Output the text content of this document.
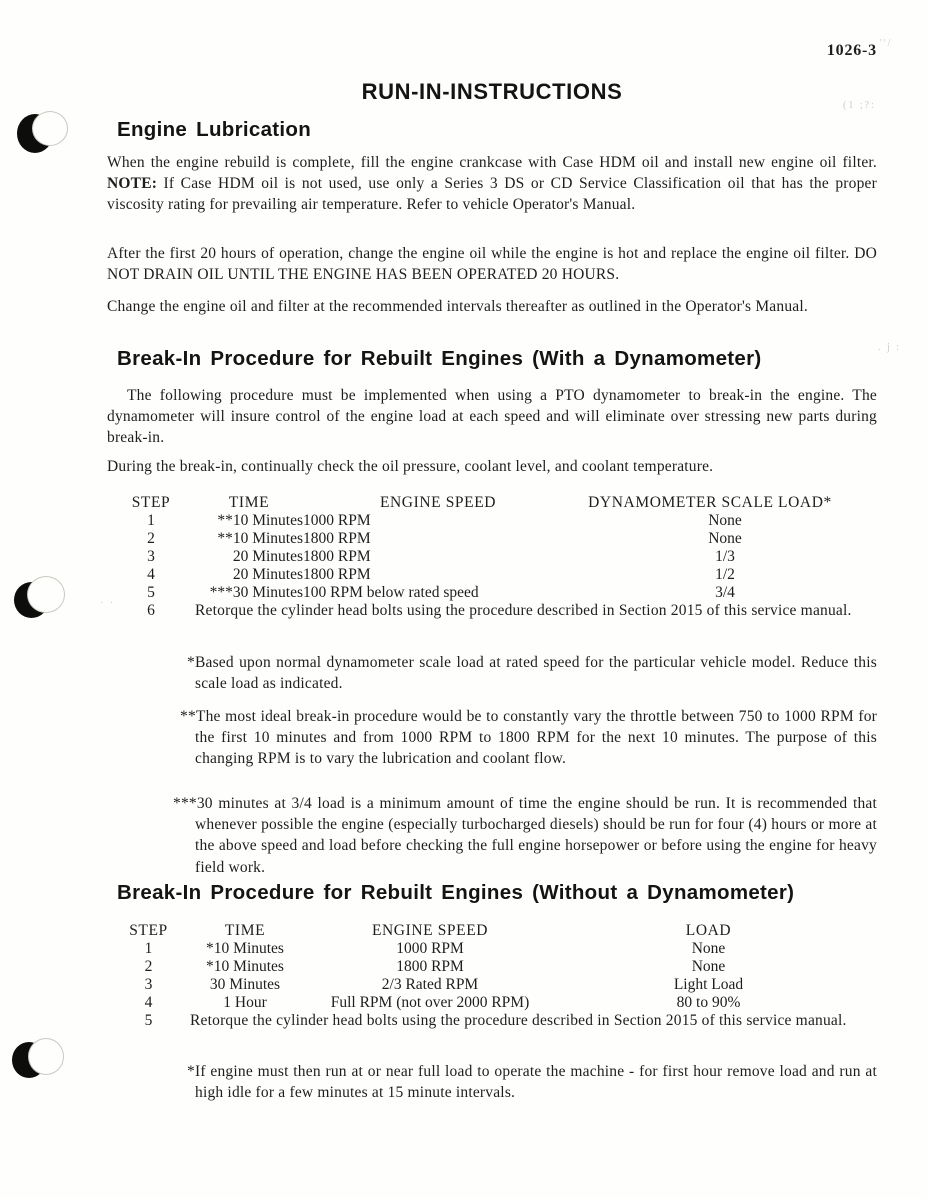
''/
(1 ;?:
. j :
· ·
1026-3
RUN-IN-INSTRUCTIONS
Engine Lubrication
When the engine rebuild is complete, fill the engine crankcase with Case HDM oil and install new engine oil filter. NOTE: If Case HDM oil is not used, use only a Series 3 DS or CD Service Classification oil that has the proper viscosity rating for prevailing air temperature. Refer to vehicle Operator's Manual.
After the first 20 hours of operation, change the engine oil while the engine is hot and replace the engine oil filter. DO NOT DRAIN OIL UNTIL THE ENGINE HAS BEEN OPERATED 20 HOURS.
Change the engine oil and filter at the recommended intervals thereafter as outlined in the Operator's Manual.
Break-In Procedure for Rebuilt Engines (With a Dynamometer)
The following procedure must be implemented when using a PTO dynamometer to break-in the engine. The dynamometer will insure control of the engine load at each speed and will eliminate over stressing new parts during break-in.
During the break-in, continually check the oil pressure, coolant level, and coolant temperature.
STEP	TIME	ENGINE SPEED	DYNAMOMETER SCALE LOAD*
1	**10 Minutes	1000 RPM	None
2	**10 Minutes	1800 RPM	None
3	20 Minutes	1800 RPM	1/3
4	20 Minutes	1800 RPM	1/2
5	***30 Minutes	100 RPM below rated speed	3/4
6	Retorque the cylinder head bolts using the procedure described in Section 2015 of this service manual.		
*Based upon normal dynamometer scale load at rated speed for the particular vehicle model. Reduce this scale load as indicated.
**The most ideal break-in procedure would be to constantly vary the throttle between 750 to 1000 RPM for the first 10 minutes and from 1000 RPM to 1800 RPM for the next 10 minutes. The purpose of this changing RPM is to vary the lubrication and coolant flow.
***30 minutes at 3/4 load is a minimum amount of time the engine should be run. It is recommended that whenever possible the engine (especially turbocharged diesels) should be run for four (4) hours or more at the above speed and load before checking the full engine horsepower or before using the engine for heavy field work.
Break-In Procedure for Rebuilt Engines (Without a Dynamometer)
STEP	TIME	ENGINE SPEED	LOAD
1	*10 Minutes	1000 RPM	None
2	*10 Minutes	1800 RPM	None
3	30 Minutes	2/3 Rated RPM	Light Load
4	1 Hour	Full RPM (not over 2000 RPM)	80 to 90%
5	Retorque the cylinder head bolts using the procedure described in Section 2015 of this service manual.		
*If engine must then run at or near full load to operate the machine - for first hour remove load and run at high idle for a few minutes at 15 minute intervals.
